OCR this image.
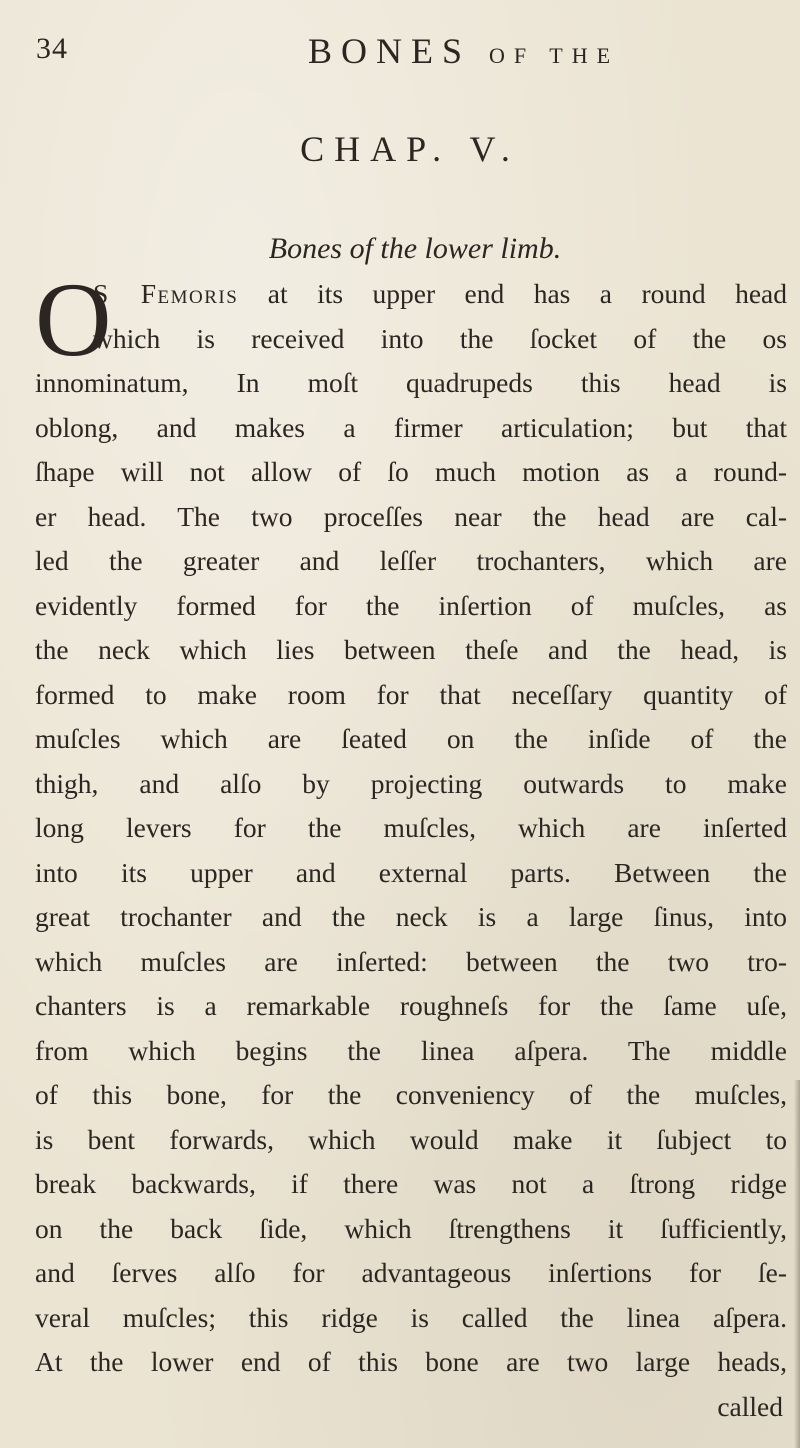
34	BONES OF THE
CHAP. V.
Bones of the lower limb.
O
S Femoris at its upper end has a round head
which is received into the ſocket of the os
innominatum, In moſt quadrupeds this head is
oblong, and makes a firmer articulation; but that
ſhape will not allow of ſo much motion as a round-
er head. The two proceſſes near the head are cal-
led the greater and leſſer trochanters, which are
evidently formed for the inſertion of muſcles, as
the neck which lies between theſe and the head, is
formed to make room for that neceſſary quantity of
muſcles which are ſeated on the inſide of the
thigh, and alſo by projecting outwards to make
long levers for the muſcles, which are inſerted
into its upper and external parts. Between the
great trochanter and the neck is a large ſinus, into
which muſcles are inſerted: between the two tro-
chanters is a remarkable roughneſs for the ſame uſe,
from which begins the linea aſpera. The middle
of this bone, for the conveniency of the muſcles,
is bent forwards, which would make it ſubject to
break backwards, if there was not a ſtrong ridge
on the back ſide, which ſtrengthens it ſufficiently,
and ſerves alſo for advantageous inſertions for ſe-
veral muſcles; this ridge is called the linea aſpera.
At the lower end of this bone are two large heads,
called
